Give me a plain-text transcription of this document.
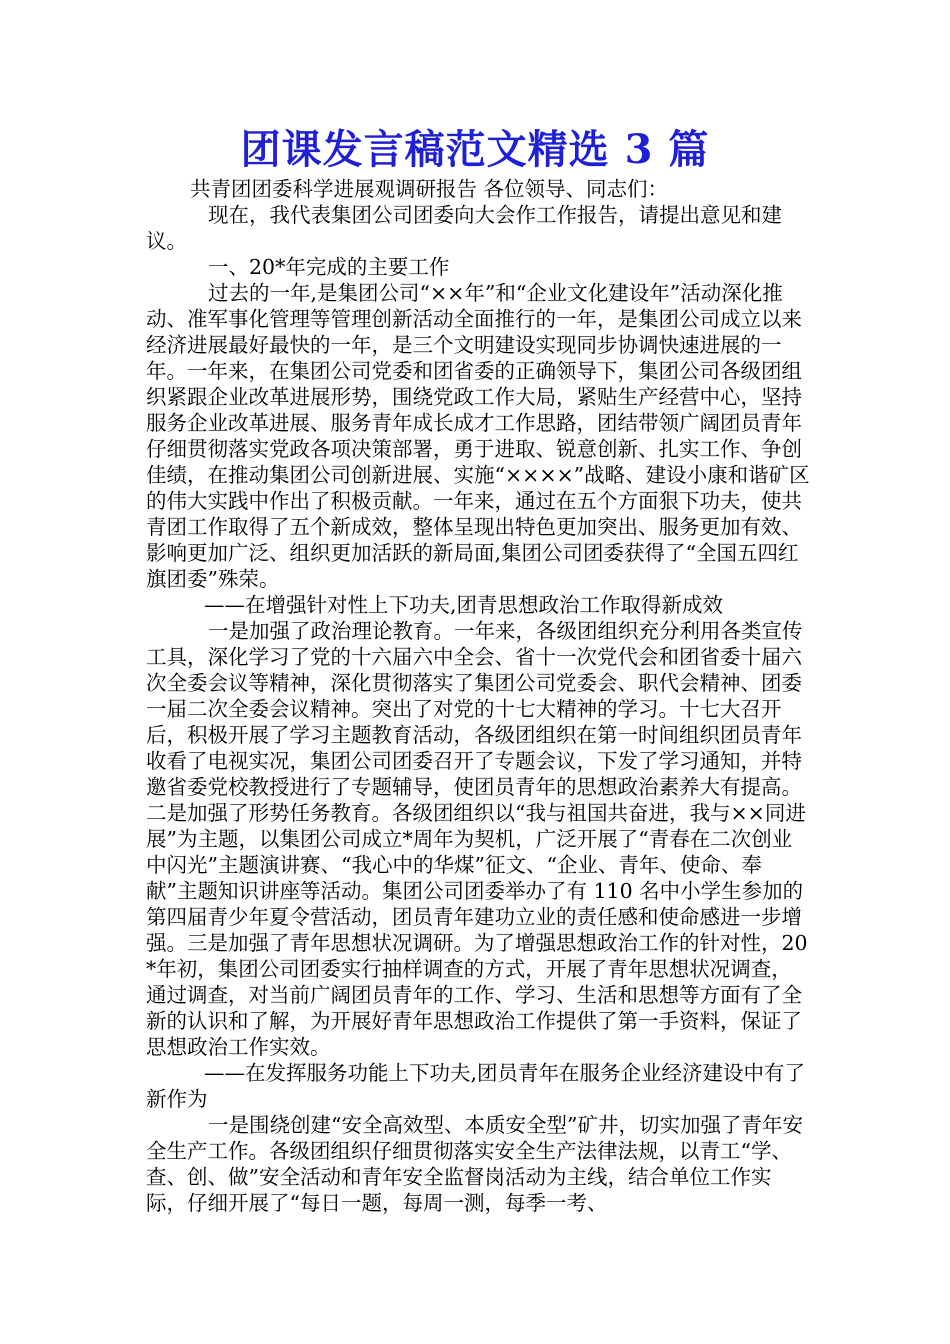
团课发言稿范文精选 3 篇

共青团团委科学进展观调研报告 各位领导、同志们：

现在，我代表集团公司团委向大会作工作报告，请提出意见和建议。

一、20*年完成的主要工作

过去的一年,是集团公司“××年”和“企业文化建设年”活动深化推动、准军事化管理等管理创新活动全面推行的一年，是集团公司成立以来经济进展最好最快的一年，是三个文明建设实现同步协调快速进展的一年。一年来，在集团公司党委和团省委的正确领导下，集团公司各级团组织紧跟企业改革进展形势，围绕党政工作大局，紧贴生产经营中心，坚持服务企业改革进展、服务青年成长成才工作思路，团结带领广阔团员青年仔细贯彻落实党政各项决策部署，勇于进取、锐意创新、扎实工作、争创佳绩，在推动集团公司创新进展、实施“××××”战略、建设小康和谐矿区的伟大实践中作出了积极贡献。一年来，通过在五个方面狠下功夫，使共青团工作取得了五个新成效，整体呈现出特色更加突出、服务更加有效、影响更加广泛、组织更加活跃的新局面,集团公司团委获得了“全国五四红旗团委”殊荣。

——在增强针对性上下功夫,团青思想政治工作取得新成效

一是加强了政治理论教育。一年来，各级团组织充分利用各类宣传工具，深化学习了党的十六届六中全会、省十一次党代会和团省委十届六次全委会议等精神，深化贯彻落实了集团公司党委会、职代会精神、团委一届二次全委会议精神。突出了对党的十七大精神的学习。十七大召开后，积极开展了学习主题教育活动，各级团组织在第一时间组织团员青年收看了电视实况，集团公司团委召开了专题会议，下发了学习通知，并特邀省委党校教授进行了专题辅导，使团员青年的思想政治素养大有提高。二是加强了形势任务教育。各级团组织以“我与祖国共奋进，我与××同进展”为主题，以集团公司成立*周年为契机，广泛开展了“青春在二次创业中闪光”主题演讲赛、“我心中的华煤”征文、“企业、青年、使命、奉献”主题知识讲座等活动。集团公司团委举办了有 110 名中小学生参加的第四届青少年夏令营活动，团员青年建功立业的责任感和使命感进一步增强。三是加强了青年思想状况调研。为了增强思想政治工作的针对性，20*年初，集团公司团委实行抽样调查的方式，开展了青年思想状况调查，通过调查，对当前广阔团员青年的工作、学习、生活和思想等方面有了全新的认识和了解，为开展好青年思想政治工作提供了第一手资料，保证了思想政治工作实效。

——在发挥服务功能上下功夫,团员青年在服务企业经济建设中有了新作为

一是围绕创建“安全高效型、本质安全型”矿井，切实加强了青年安全生产工作。各级团组织仔细贯彻落实安全生产法律法规，以青工“学、查、创、做”安全活动和青年安全监督岗活动为主线，结合单位工作实际，仔细开展了“每日一题，每周一测，每季一考、
